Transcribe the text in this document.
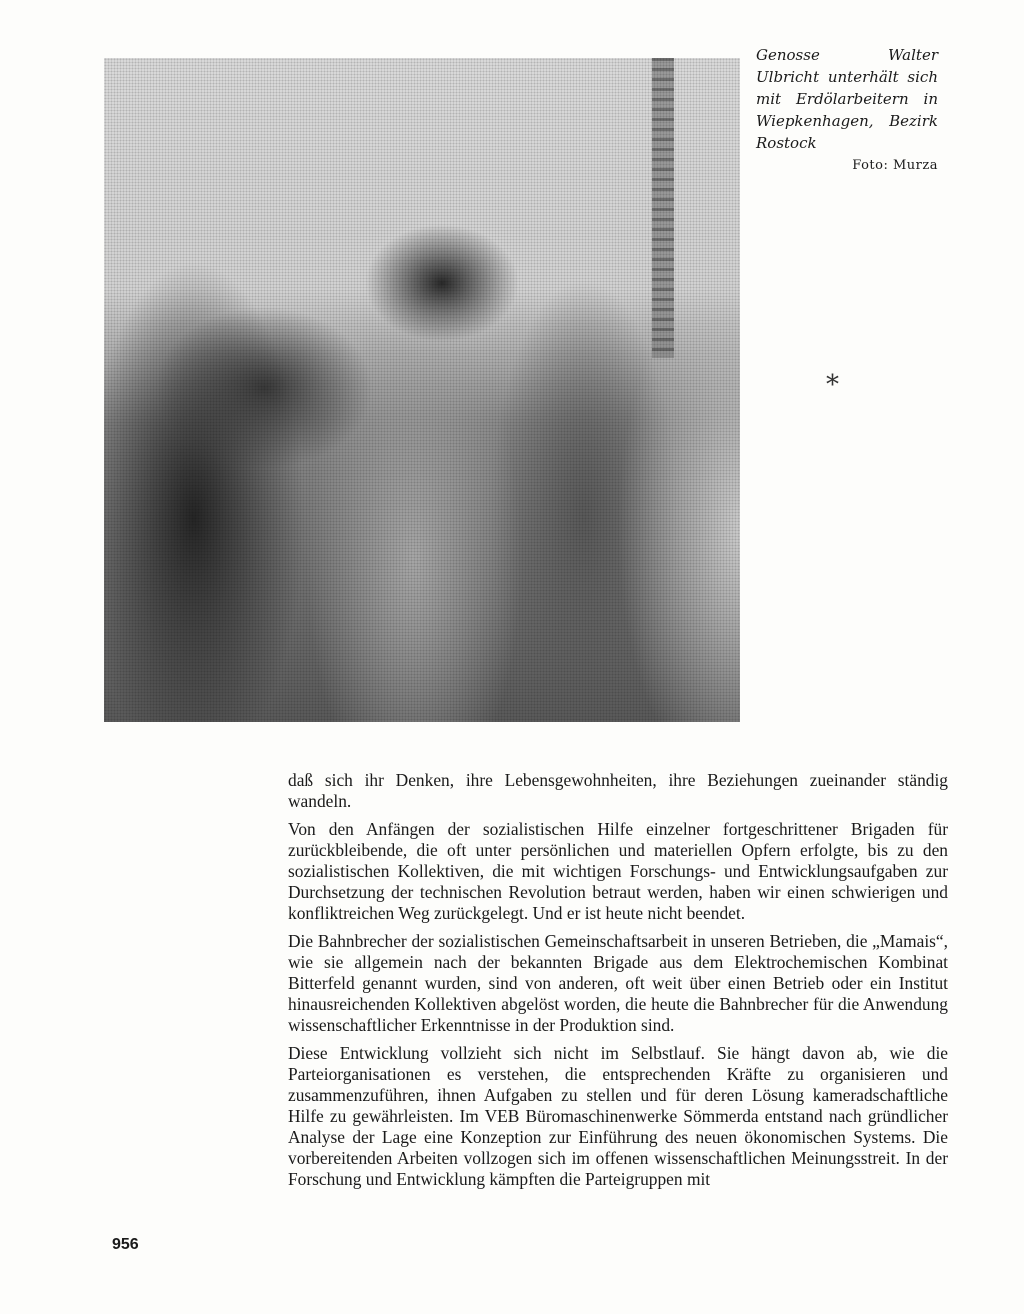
Genosse Walter Ulbricht unterhält sich mit Erdölarbeitern in Wiepkenhagen, Bezirk Rostock

Foto: Murza

*

daß sich ihr Denken, ihre Lebensgewohnheiten, ihre Beziehungen zueinander ständig wandeln.

Von den Anfängen der sozialistischen Hilfe einzelner fortgeschrittener Brigaden für zurückbleibende, die oft unter persönlichen und materiellen Opfern erfolgte, bis zu den sozialistischen Kollektiven, die mit wichtigen Forschungs- und Entwicklungsaufgaben zur Durchsetzung der technischen Revolution betraut werden, haben wir einen schwierigen und konfliktreichen Weg zurückgelegt. Und er ist heute nicht beendet.

Die Bahnbrecher der sozialistischen Gemeinschaftsarbeit in unseren Betrieben, die „Mamais“, wie sie allgemein nach der bekannten Brigade aus dem Elektrochemischen Kombinat Bitterfeld genannt wurden, sind von anderen, oft weit über einen Betrieb oder ein Institut hinausreichenden Kollektiven abgelöst worden, die heute die Bahnbrecher für die Anwendung wissenschaftlicher Erkenntnisse in der Produktion sind.

Diese Entwicklung vollzieht sich nicht im Selbstlauf. Sie hängt davon ab, wie die Parteiorganisationen es verstehen, die entsprechenden Kräfte zu organisieren und zusammenzuführen, ihnen Aufgaben zu stellen und für deren Lösung kameradschaftliche Hilfe zu gewährleisten. Im VEB Büromaschinenwerke Sömmerda entstand nach gründlicher Analyse der Lage eine Konzeption zur Einführung des neuen ökonomischen Systems. Die vorbereitenden Arbeiten vollzogen sich im offenen wissenschaftlichen Meinungsstreit. In der Forschung und Entwicklung kämpften die Parteigruppen mit

956
